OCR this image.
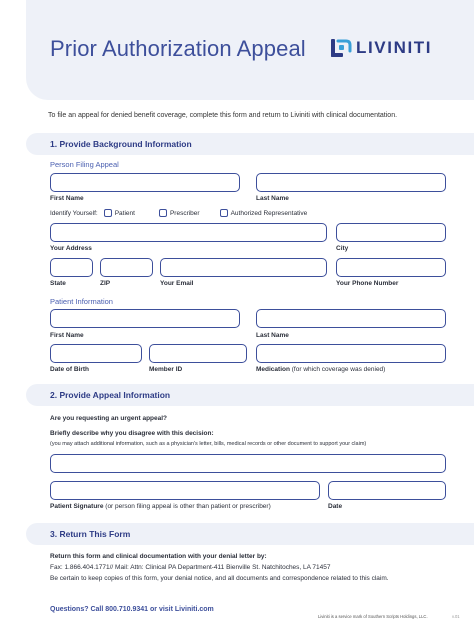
Prior Authorization Appeal	LIVINITI
To file an appeal for denied benefit coverage, complete this form and return to Liviniti with clinical documentation.
1. Provide Background Information
Person Filing Appeal
First Name	Last Name
Identify Yourself:	Patient	Prescriber	Authorized Representative
Your Address	City
State	ZIP	Your Email	Your Phone Number
Patient Information
First Name	Last Name
Date of Birth	Member ID	Medication (for which coverage was denied)
2. Provide Appeal Information
Are you requesting an urgent appeal?
Briefly describe why you disagree with this decision:
(you may attach additional information, such as a physician's letter, bills, medical records or other document to support your claim)
Patient Signature (or person filing appeal is other than patient or prescriber)	Date
3. Return This Form
Return this form and clinical documentation with your denial letter by:
Fax: 1.866.404.1771// Mail: Attn: Clinical PA Department-411 Bienville St. Natchitoches, LA 71457
Be certain to keep copies of this form, your denial notice, and all documents and correspondence related to this claim.
Questions? Call 800.710.9341 or visit Liviniti.com
Liviniti is a service mark of Southern Scripts Holdings, LLC.	v.01
